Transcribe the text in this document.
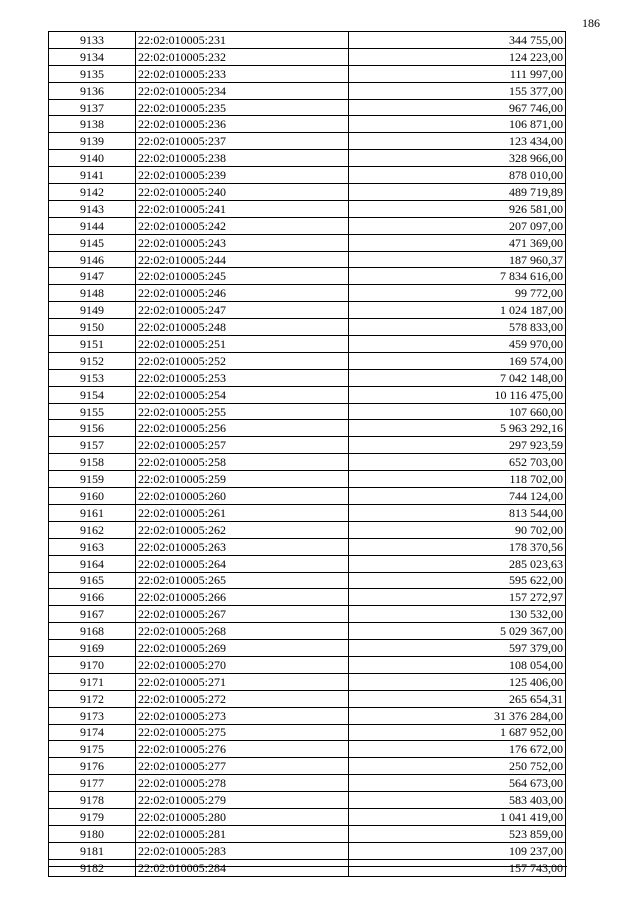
186
9133	22:02:010005:231	344 755,00
9134	22:02:010005:232	124 223,00
9135	22:02:010005:233	111 997,00
9136	22:02:010005:234	155 377,00
9137	22:02:010005:235	967 746,00
9138	22:02:010005:236	106 871,00
9139	22:02:010005:237	123 434,00
9140	22:02:010005:238	328 966,00
9141	22:02:010005:239	878 010,00
9142	22:02:010005:240	489 719,89
9143	22:02:010005:241	926 581,00
9144	22:02:010005:242	207 097,00
9145	22:02:010005:243	471 369,00
9146	22:02:010005:244	187 960,37
9147	22:02:010005:245	7 834 616,00
9148	22:02:010005:246	99 772,00
9149	22:02:010005:247	1 024 187,00
9150	22:02:010005:248	578 833,00
9151	22:02:010005:251	459 970,00
9152	22:02:010005:252	169 574,00
9153	22:02:010005:253	7 042 148,00
9154	22:02:010005:254	10 116 475,00
9155	22:02:010005:255	107 660,00
9156	22:02:010005:256	5 963 292,16
9157	22:02:010005:257	297 923,59
9158	22:02:010005:258	652 703,00
9159	22:02:010005:259	118 702,00
9160	22:02:010005:260	744 124,00
9161	22:02:010005:261	813 544,00
9162	22:02:010005:262	90 702,00
9163	22:02:010005:263	178 370,56
9164	22:02:010005:264	285 023,63
9165	22:02:010005:265	595 622,00
9166	22:02:010005:266	157 272,97
9167	22:02:010005:267	130 532,00
9168	22:02:010005:268	5 029 367,00
9169	22:02:010005:269	597 379,00
9170	22:02:010005:270	108 054,00
9171	22:02:010005:271	125 406,00
9172	22:02:010005:272	265 654,31
9173	22:02:010005:273	31 376 284,00
9174	22:02:010005:275	1 687 952,00
9175	22:02:010005:276	176 672,00
9176	22:02:010005:277	250 752,00
9177	22:02:010005:278	564 673,00
9178	22:02:010005:279	583 403,00
9179	22:02:010005:280	1 041 419,00
9180	22:02:010005:281	523 859,00
9181	22:02:010005:283	109 237,00
9182	22:02:010005:284	157 743,00
